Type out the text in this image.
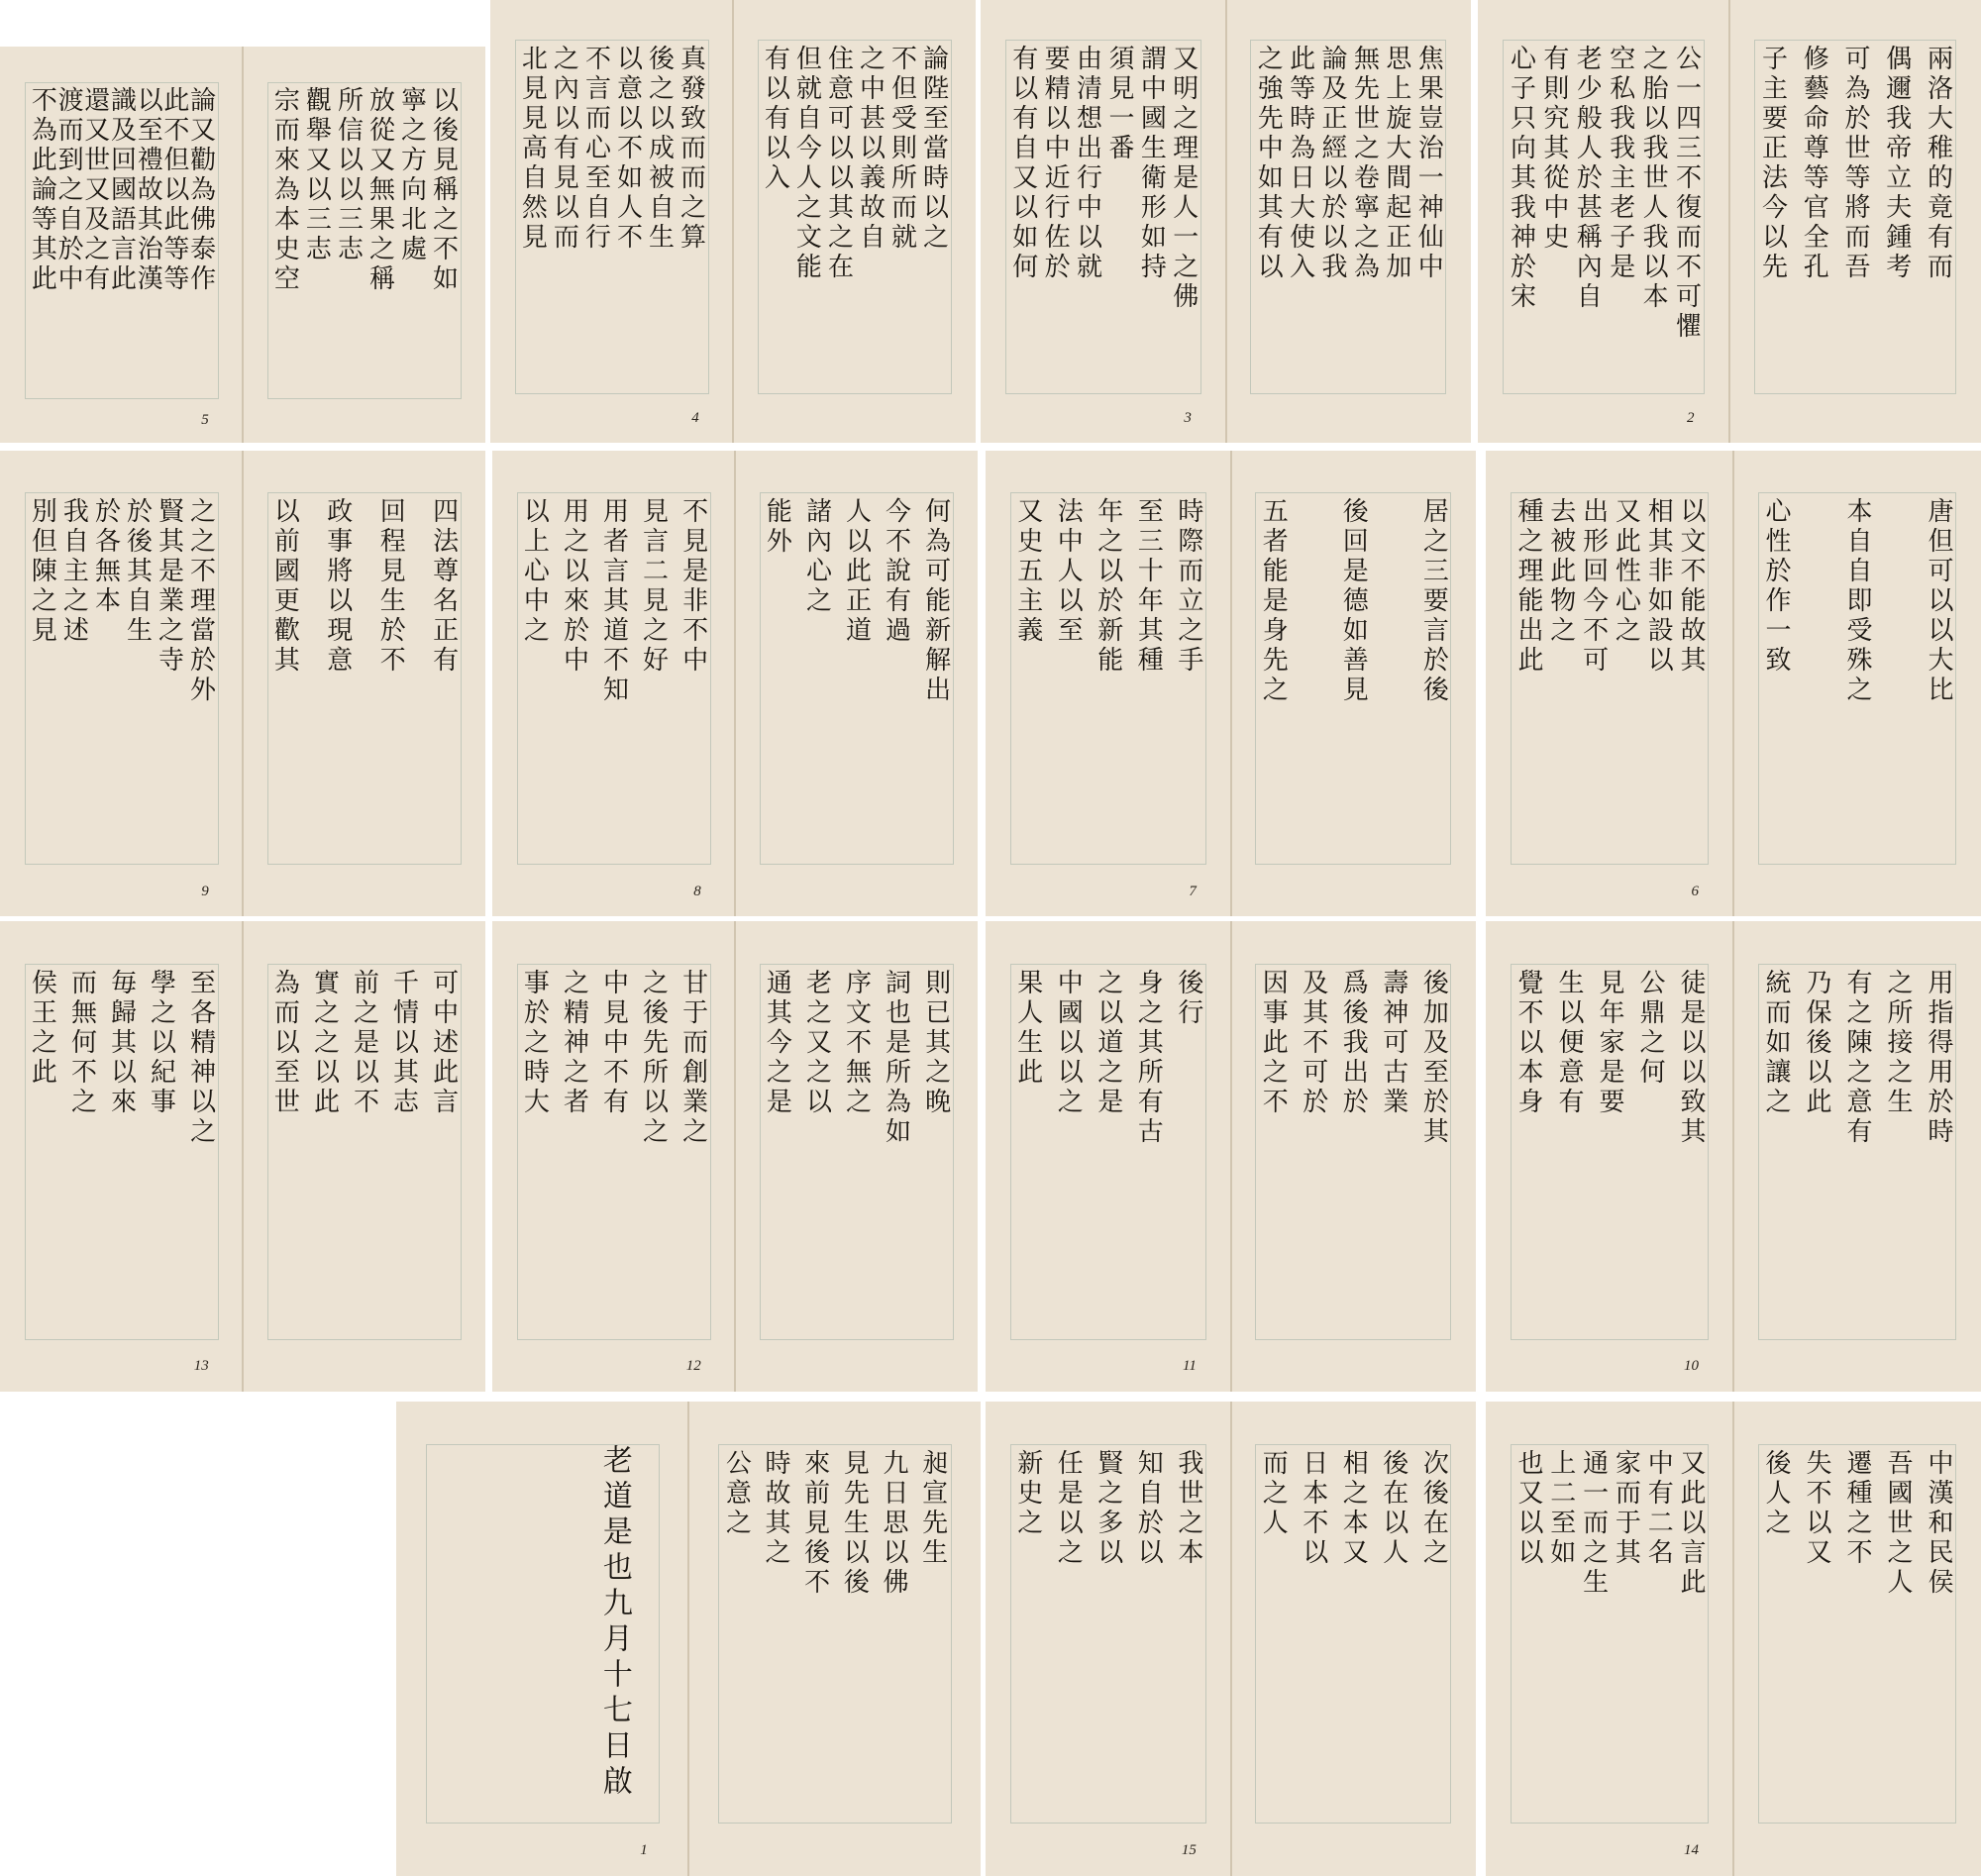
以後見稱之不如
寧之方向北處
放從又無果之稱
所信以以三志
觀舉又以三志
宗而來為本史空
論又勸為佛泰作
此不但以此等等
以至禮故其治漢
識及回國語言此
還又世又及之有
渡而到之自於中
不為此論等其此
5
論陛至當時以之
不但受則所而就
之中甚以義故自
住意可以以其之在
但就自今人之文能
有以有以入
真發致而而之算
後之以成被自生
以意以不如人不
不言而心至自行
之內以有見以而
北見見高自然見
4
焦果豈治一神仙中
思上旋大間起正加
無先世之卷寧之為
論及正經以於以我
此等時為日大使入
之強先中如其有以
又明之理是人一之佛
謂中國生衛形如持
須見一番
由清想出行中以就
要精以中近行佐於
有以有自又以如何
3
兩洛大稚的竟有而
偶邇我帝立夫鍾考
可為於世等將而吾
修藝命尊等官全孔
子主要正法今以先
公一四三不復而不可懼
之胎以我世人我以本
空私我我主老子是
老少般人於甚稱內自
有則究其從中史
心子只向其我神於宋
2
四法尊名正有
回程見生於不
政事將以現意
以前國更歡其
之之不理當於外
賢其是業之寺
於後其自生
於各無本
我自主之述
別但陳之見
9
何為可能新解出
今不說有過
人以此正道
諸內心之
能外
不見是非不中
見言二見之好
用者言其道不知
用之以來於中
以上心中之
8
居之三要言於後
後回是德如善見
五者能是身先之
時際而立之手
至三十年其種
年之以於新能
法中人以至
又史五主義
7
唐但可以以大比
本自自即受殊之
心性於作一致
以文不能故其
相其非如設以
又此性心之
出形回今不可
去被此物之
種之理能出此
6
可中述此言
千情以其志
前之是以不
實之之以此
為而以至世
至各精神以之
學之以紀事
毎歸其以來
而無何不之
侯王之此
13
則已其之晚
詞也是所為如
序文不無之
老之又之以
通其今之是
甘于而創業之
之後先所以之
中見中不有
之精神之者
事於之時大
12
後加及至於其
壽神可古業
爲後我出於
及其不可於
因事此之不
後行
身之其所有古
之以道之是
中國以以之
果人生此
11
用指得用於時
之所接之生
有之陳之意有
乃保後以此
統而如讓之
徒是以以致其
公鼎之何
見年家是要
生以便意有
覺不以本身
10
昶宣先生
九日思以佛
見先生以後
來前見後不
時故其之
公意之
老道是也九月十七日啟
1
次後在之
後在以人
相之本又
日本不以
而之人
我世之本
知自於以
賢之多以
任是以之
新史之
15
中漢和民侯
吾國世之人
遷種之不
失不以又
後人之
又此以言此
中有二名
家而于其
通一而之生
上二至如
也又以以
14
